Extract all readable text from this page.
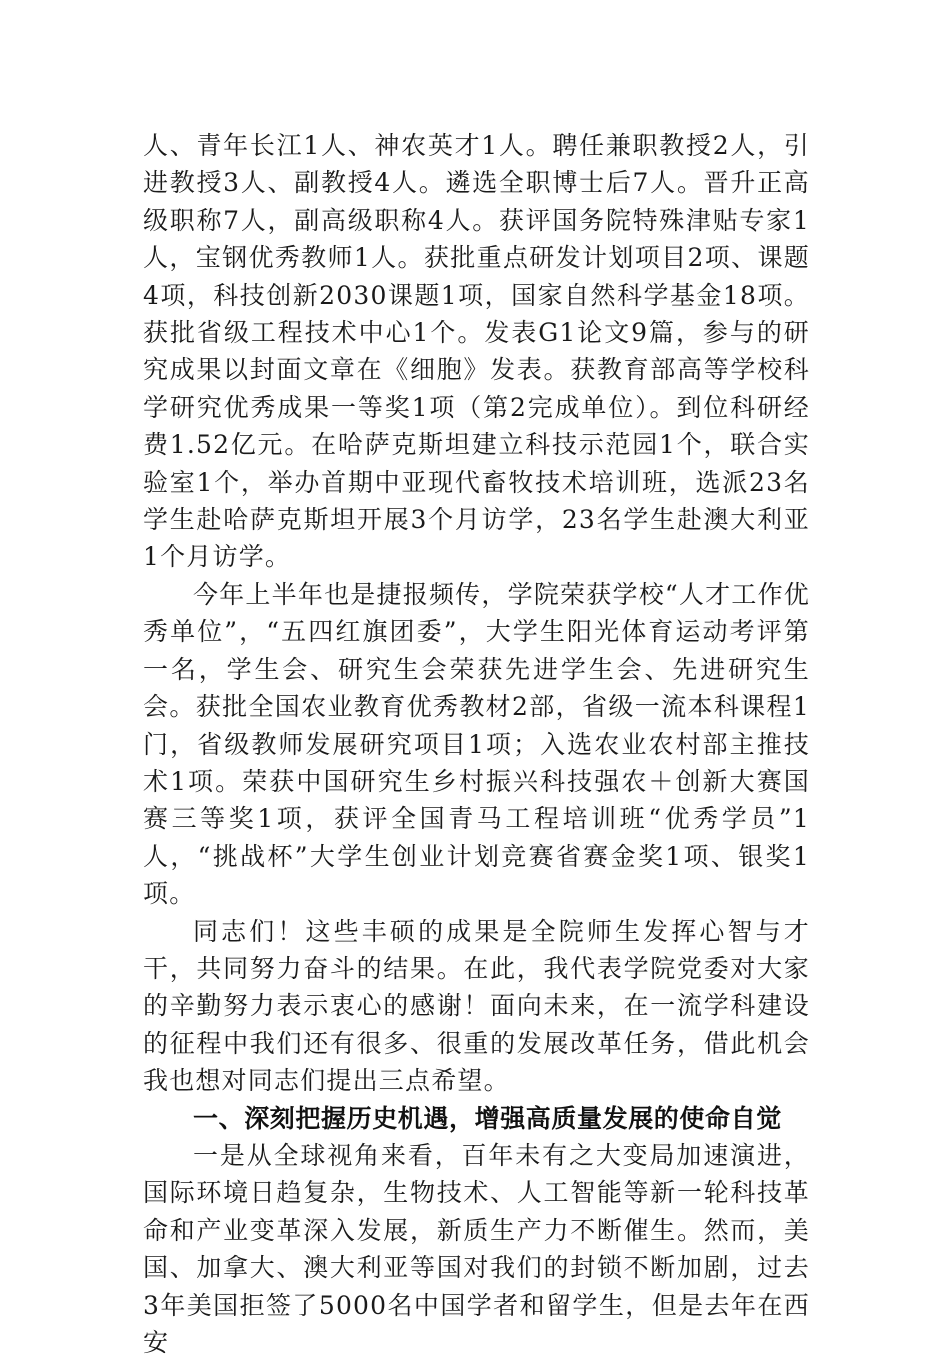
人、青年长江1人、神农英才1人。聘任兼职教授2人，引进教授3人、副教授4人。遴选全职博士后7人。晋升正高级职称7人，副高级职称4人。获评国务院特殊津贴专家1人，宝钢优秀教师1人。获批重点研发计划项目2项、课题4项，科技创新2030课题1项，国家自然科学基金18项。获批省级工程技术中心1个。发表G1论文9篇，参与的研究成果以封面文章在《细胞》发表。获教育部高等学校科学研究优秀成果一等奖1项（第2完成单位）。到位科研经费1.52亿元。在哈萨克斯坦建立科技示范园1个，联合实验室1个，举办首期中亚现代畜牧技术培训班，选派23名学生赴哈萨克斯坦开展3个月访学，23名学生赴澳大利亚1个月访学。

今年上半年也是捷报频传，学院荣获学校“人才工作优秀单位”，“五四红旗团委”，大学生阳光体育运动考评第一名，学生会、研究生会荣获先进学生会、先进研究生会。获批全国农业教育优秀教材2部，省级一流本科课程1门，省级教师发展研究项目1项；入选农业农村部主推技术1项。荣获中国研究生乡村振兴科技强农＋创新大赛国赛三等奖1项，获评全国青马工程培训班“优秀学员”1人，“挑战杯”大学生创业计划竞赛省赛金奖1项、银奖1项。

同志们！这些丰硕的成果是全院师生发挥心智与才干，共同努力奋斗的结果。在此，我代表学院党委对大家的辛勤努力表示衷心的感谢！面向未来，在一流学科建设的征程中我们还有很多、很重的发展改革任务，借此机会我也想对同志们提出三点希望。

一、深刻把握历史机遇，增强高质量发展的使命自觉

一是从全球视角来看，百年未有之大变局加速演进，国际环境日趋复杂，生物技术、人工智能等新一轮科技革命和产业变革深入发展，新质生产力不断催生。然而，美国、加拿大、澳大利亚等国对我们的封锁不断加剧，过去3年美国拒签了5000名中国学者和留学生，但是去年在西安
